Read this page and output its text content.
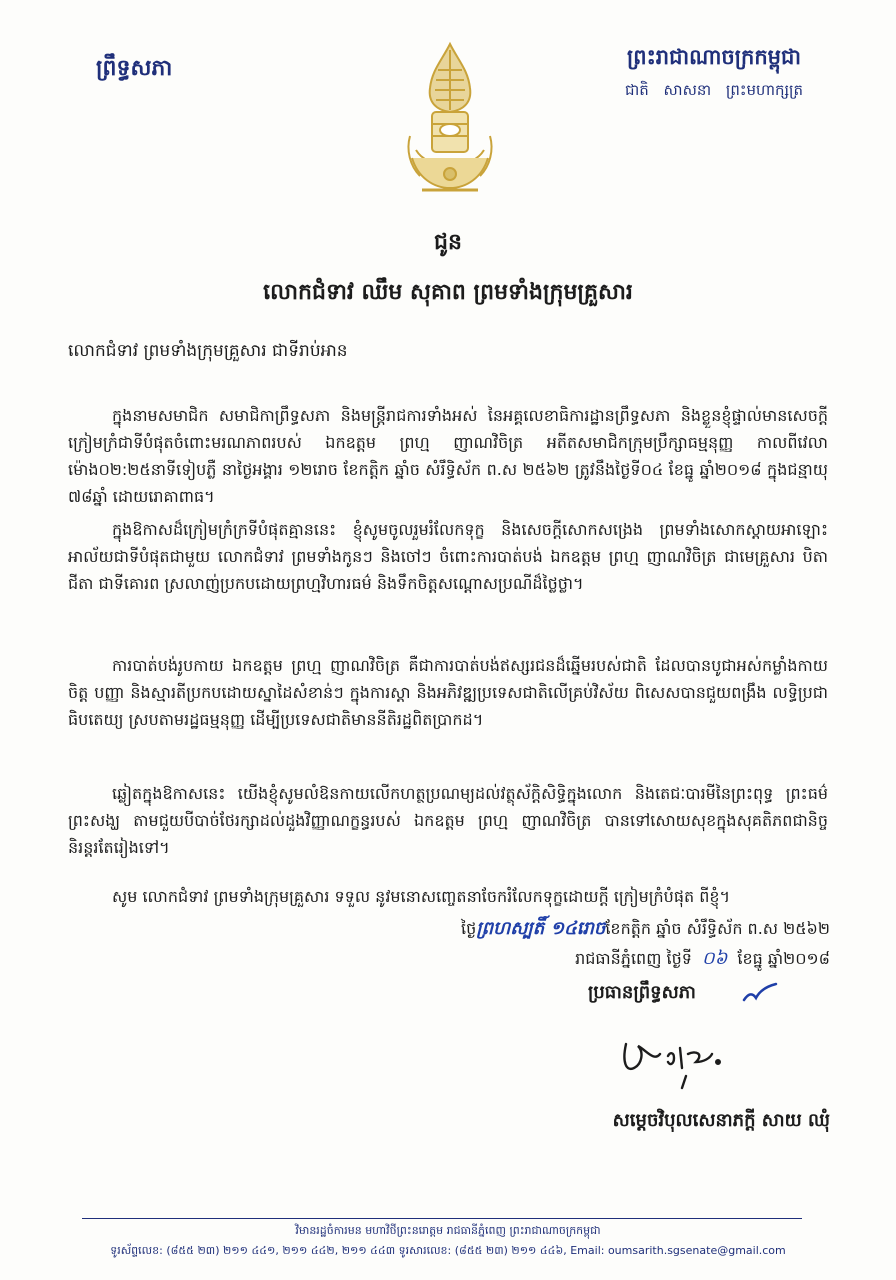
ព្រឹទ្ធសភា	ព្រះរាជាណាចក្រកម្ពុជា
ជាតិ សាសនា ព្រះមហាក្សត្រ
ជូន
លោកជំទាវ ឈឹម សុគាព ព្រមទាំងក្រុមគ្រួសារ
លោកជំទាវ ព្រមទាំងក្រុមគ្រួសារ ជាទីរាប់អាន

ក្នុងនាមសមាជិក សមាជិកាព្រឹទ្ធសភា និងមន្ត្រីរាជការទាំងអស់ នៃអគ្គលេខាធិការដ្ឋានព្រឹទ្ធសភា និងខ្លួនខ្ញុំផ្ទាល់មានសេចក្តីក្រៀមក្រំជាទីបំផុតចំពោះមរណភាពរបស់ ឯកឧត្តម ព្រហ្ម ញាណវិចិត្រ អតីតសមាជិកក្រុមប្រឹក្សាធម្មនុញ្ញ កាលពីវេលាម៉ោង០២:២៥នាទីទៀបភ្លឺ នាថ្ងៃអង្គារ ១២រោច ខែកត្តិក ឆ្នាំច សំរឹទ្ធិស័ក ព.ស ២៥៦២ ត្រូវនឹងថ្ងៃទី០៤ ខែធ្នូ ឆ្នាំ២០១៨ ក្នុងជន្មាយុ ៧៨ឆ្នាំ ដោយរោគាពាធ។

ក្នុងឱកាសដ៏ក្រៀមក្រំក្រទីបំផុតគ្មាននេះ ខ្ញុំសូមចូលរួមរំលែកទុក្ខ និងសេចក្តីសោកសង្រេង ព្រមទាំងសោកស្តាយអាឡោះអាល័យជាទីបំផុតជាមួយ លោកជំទាវ ព្រមទាំងកូនៗ និងចៅៗ ចំពោះការបាត់បង់ ឯកឧត្តម ព្រហ្ម ញាណវិចិត្រ ជាមេគ្រួសារ បិតា ជីតា ជាទីគោរព ស្រលាញ់ប្រកបដោយព្រហ្មវិហារធម៌ និងទឹកចិត្តសណ្តោសប្រណីដ៏ថ្លៃថ្លា។

ការបាត់បង់រូបកាយ ឯកឧត្តម ព្រហ្ម ញាណវិចិត្រ គឺជាការបាត់បង់ឥស្សរជនដ៏ឆ្នើមរបស់ជាតិ ដែលបានបូជាអស់កម្លាំងកាយចិត្ត បញ្ញា និងស្មារតីប្រកបដោយស្នាដៃសំខាន់ៗ ក្នុងការស្តា និងអភិវឌ្ឍប្រទេសជាតិលើគ្រប់វិស័យ ពិសេសបានជួយពង្រឹង លទ្ធិប្រជាធិបតេយ្យ ស្របតាមរដ្ឋធម្មនុញ្ញ ដើម្បីប្រទេសជាតិមាននីតិរដ្ឋពិតប្រាកដ។

ឆ្លៀតក្នុងឱកាសនេះ យើងខ្ញុំសូមលំឱនកាយលើកហត្ថប្រណម្យដល់វត្ថុស័ក្តិសិទ្ធិក្នុងលោក និងតេជៈបារមីនៃព្រះពុទ្ធ ព្រះធម៌ ព្រះសង្ឃ តាមជួយបីបាច់ថែរក្សាដល់ដួងវិញ្ញាណក្ខន្ធរបស់ ឯកឧត្តម ព្រហ្ម ញាណវិចិត្រ បានទៅសោយសុខក្នុងសុគតិភពជានិច្ចនិរន្តរតែរៀងទៅ។

សូម លោកជំទាវ ព្រមទាំងក្រុមគ្រួសារ ទទួល នូវមនោសញ្ចេតនាចែករំលែកទុក្ខដោយក្តី ក្រៀមក្រំបំផុត ពីខ្ញុំ។

ថ្ងៃព្រហស្បតិ៍ ១៤រោចខែកត្តិក ឆ្នាំច សំរឹទ្ធិស័ក ព.ស ២៥៦២
រាជធានីភ្នំពេញ ថ្ងៃទី ០៦ ខែធ្នូ ឆ្នាំ២០១៨
ប្រធានព្រឹទ្ធសភា
សម្តេចវិបុលសេនាភក្តី សាយ ឈុំ
វិមានរដ្ឋចំការមន មហាវិថីព្រះនរោត្តម រាជធានីភ្នំពេញ ព្រះរាជាណាចក្រកម្ពុជា
ទូរស័ព្ទលេខ: (៨៥៥ ២៣) ២១១ ៤៤១, ២១១ ៤៤២, ២១១ ៤៤៣ ទូរសារលេខ: (៨៥៥ ២៣) ២១១ ៤៤៦, Email: oumsarith.sgsenate@gmail.com
